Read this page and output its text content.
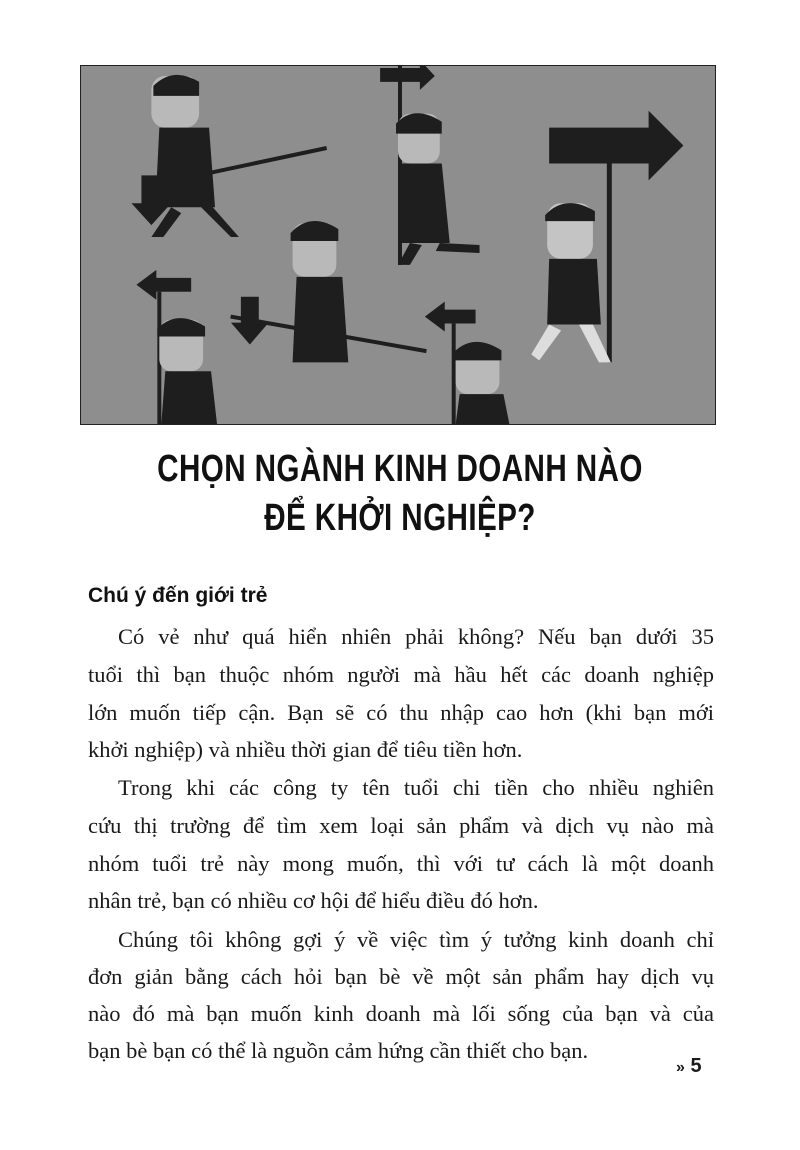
CHỌN NGÀNH KINH DOANH NÀO
ĐỂ KHỞI NGHIỆP?
Chú ý đến giới trẻ
Có vẻ như quá hiển nhiên phải không? Nếu bạn dưới 35
tuổi thì bạn thuộc nhóm người mà hầu hết các doanh nghiệp
lớn muốn tiếp cận. Bạn sẽ có thu nhập cao hơn (khi bạn mới
khởi nghiệp) và nhiều thời gian để tiêu tiền hơn.
Trong khi các công ty tên tuổi chi tiền cho nhiều nghiên
cứu thị trường để tìm xem loại sản phẩm và dịch vụ nào mà
nhóm tuổi trẻ này mong muốn, thì với tư cách là một doanh
nhân trẻ, bạn có nhiều cơ hội để hiểu điều đó hơn.
Chúng tôi không gợi ý về việc tìm ý tưởng kinh doanh chỉ
đơn giản bằng cách hỏi bạn bè về một sản phẩm hay dịch vụ
nào đó mà bạn muốn kinh doanh mà lối sống của bạn và của
bạn bè bạn có thể là nguồn cảm hứng cần thiết cho bạn.
» 5
